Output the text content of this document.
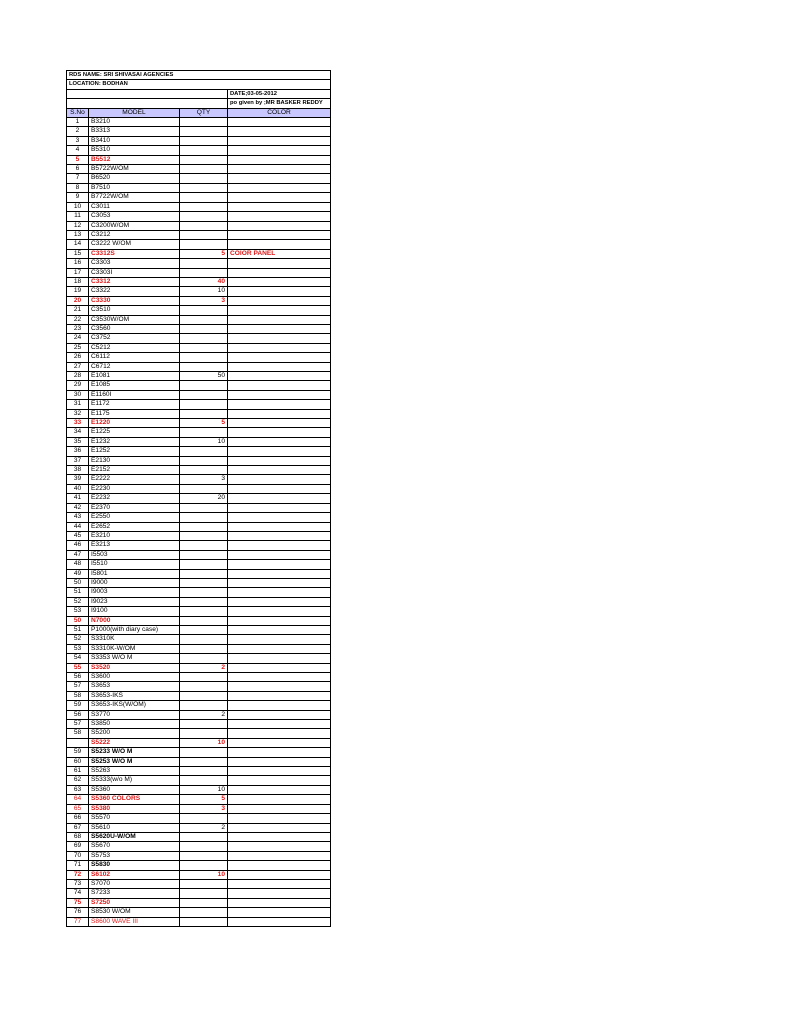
RDS NAME: SRI SHIVASAI AGENCIES			
LOCATION: BODHAN			
			DATE;03-05-2012
			po given by ;MR BASKER REDDY
S.No	MODEL	QTY	COLOR
1	B3210		
2	B3313		
3	B3410		
4	B5310		
5	B5512		
6	B5722W/OM		
7	B6520		
8	B7510		
9	B7722W/OM		
10	C3011		
11	C3053		
12	C3200W/OM		
13	C3212		
14	C3222 W/OM		
15	C3312S	5	COlOR PANEL
16	C3303		
17	C3303I		
18	C3312	40	
19	C3322	10	
20	C3330	3	
21	C3510		
22	C3530W/OM		
23	C3560		
24	C3752		
25	C5212		
26	C6112		
27	C6712		
28	E1081	50	
29	E1085		
30	E1160I		
31	E1172		
32	E1175		
33	E1220	5	
34	E1225		
35	E1232	10	
36	E1252		
37	E2130		
38	E2152		
39	E2222	3	
40	E2230		
41	E2232	20	
42	E2370		
43	E2550		
44	E2652		
45	E3210		
46	E3213		
47	I5503		
48	I5510		
49	I5801		
50	I9000		
51	I9003		
52	I9023		
53	I9100		
50	N7000		
51	P1000(with diary case)		
52	S3310K		
53	S3310K-W/OM		
54	S3353 W/O M		
55	S3520	2	
56	S3600		
57	S3653		
58	S3653-IKS		
59	S3653-IKS(W/OM)		
56	S3770	2	
57	S3850		
58	S5200		
	S5222	10	
59	S5233 W/O M		
60	S5253 W/O M		
61	S5263		
62	S5333(w/o M)		
63	S5360	10	
64	S5360 COLORS	5	
65	S5380	3	
66	S5570		
67	S5610	2	
68	S5620U-W/OM		
69	S5670		
70	S5753		
71	S5830		
72	S6102	10	
73	S7070		
74	S7233		
75	S7250		
76	S8530 W/OM		
77	S8600 WAVE III		
